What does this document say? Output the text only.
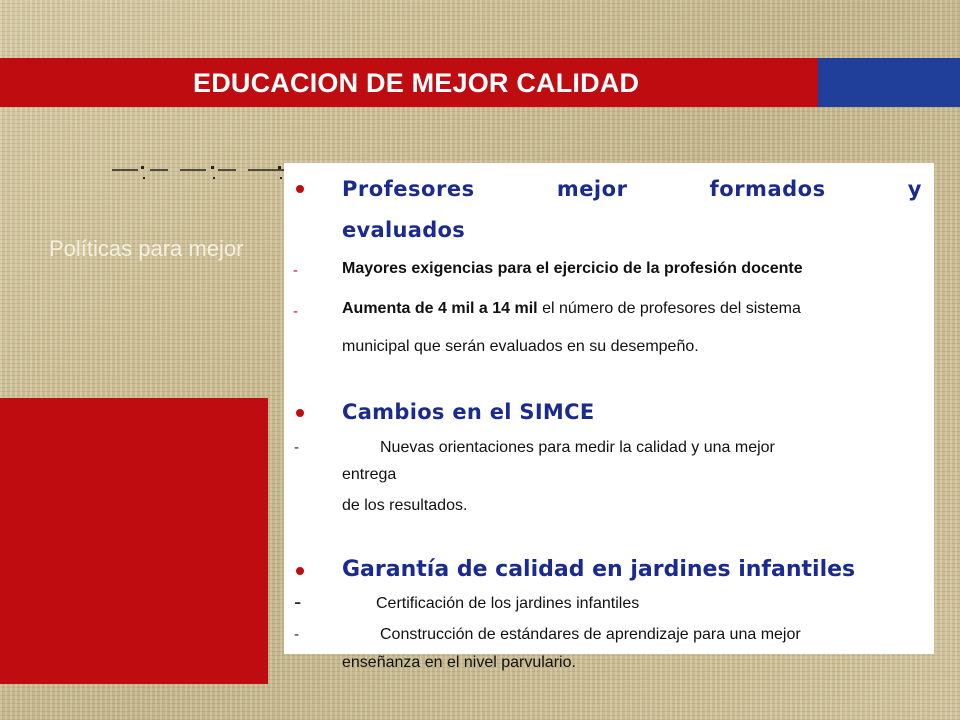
EDUCACION DE MEJOR CALIDAD
Políticas para mejor
Profesores	mejor	formados	y
evaluados
-	Mayores exigencias para el ejercicio de la profesión docente
-	Aumenta de 4 mil a 14 mil el número de profesores del sistema
municipal que serán evaluados en su desempeño.
Cambios en el SIMCE
-	Nuevas orientaciones para medir la calidad y una mejor
entrega
de los resultados.
Garantía de calidad en jardines infantiles
-	Certificación de los jardines infantiles
-	Construcción de estándares de aprendizaje para una mejor
enseñanza en el nivel parvulario.
